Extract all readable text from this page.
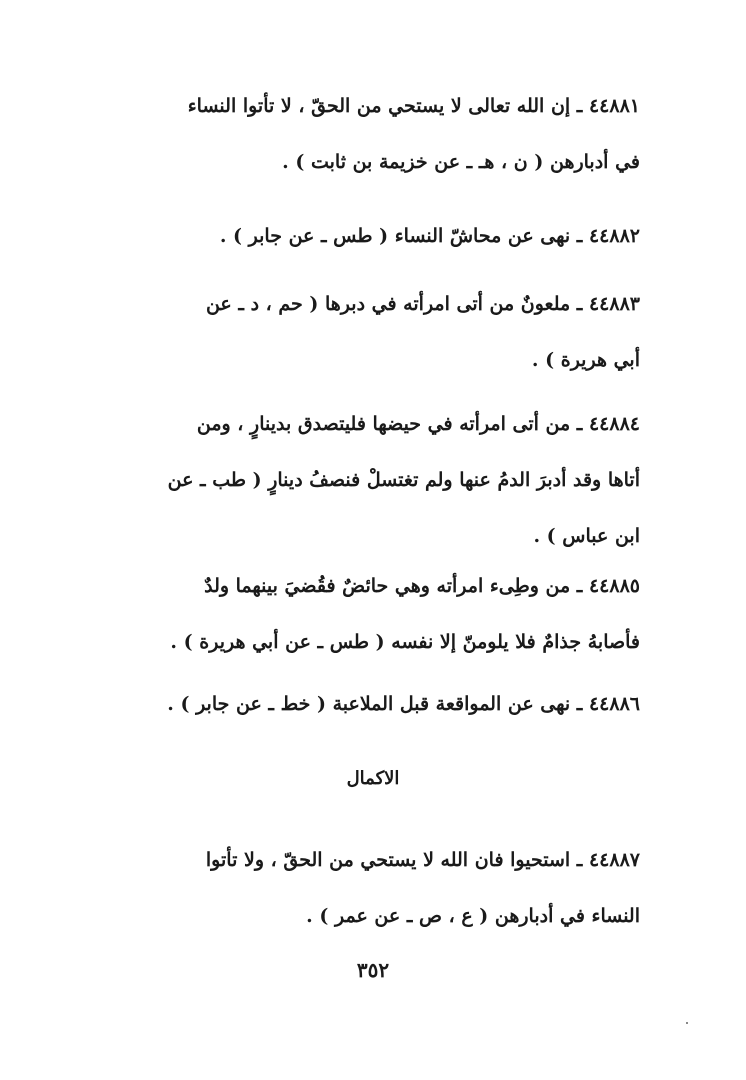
٤٤٨٨١ ـ إن الله تعالى لا يستحي من الحقّ ، لا تأتوا النساء
في أدبارهن ( ن ، هـ ـ عن خزيمة بن ثابت ) .
٤٤٨٨٢ ـ نهى عن محاشّ النساء ( طس ـ عن جابر ) .
٤٤٨٨٣ ـ ملعونٌ من أتى امرأته في دبرها ( حم ، د ـ عن
أبي هريرة ) .
٤٤٨٨٤ ـ من أتى امرأته في حيضها فليتصدق بدينارٍ ، ومن
أتاها وقد أدبرَ الدمُ عنها ولم تغتسلْ فنصفُ دينارٍ ( طب ـ عن
ابن عباس ) .
٤٤٨٨٥ ـ من وطِىء امرأته وهي حائضٌ فقُضيَ بينهما ولدٌ
فأصابهُ جذامٌ فلا يلومنّ إلا نفسه ( طس ـ عن أبي هريرة ) .
٤٤٨٨٦ ـ نهى عن المواقعة قبل الملاعبة ( خط ـ عن جابر ) .
الاكمال
٤٤٨٨٧ ـ استحيوا فان الله لا يستحي من الحقّ ، ولا تأتوا
النساء في أدبارهن ( ع ، ص ـ عن عمر ) .
٣٥٢
